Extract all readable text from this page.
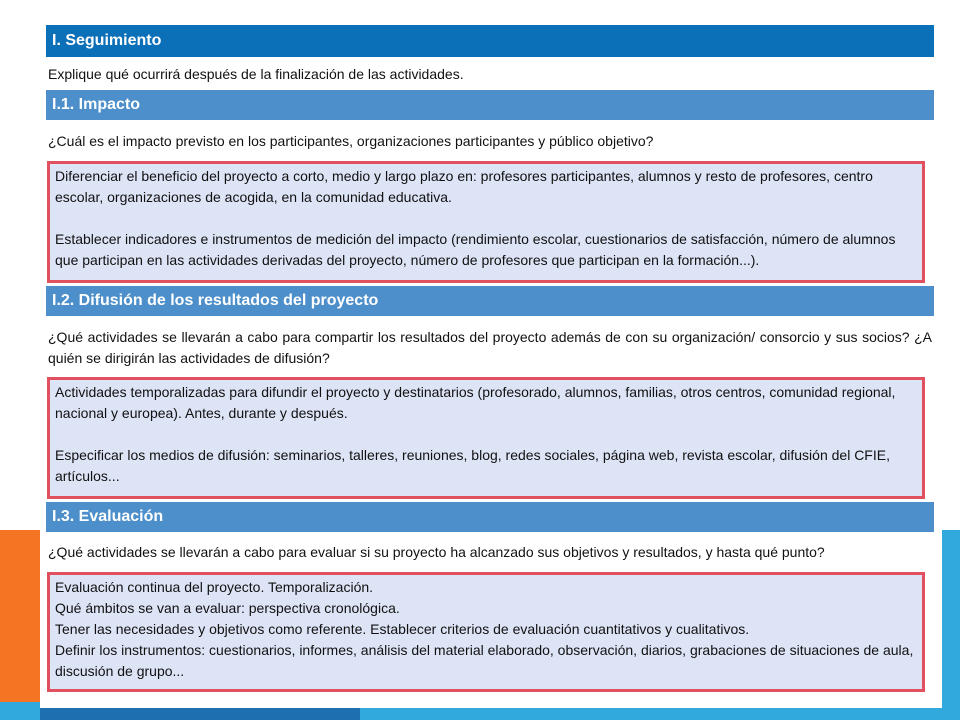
I. Seguimiento
Explique qué ocurrirá después de la finalización de las actividades.
I.1. Impacto
¿Cuál es el impacto previsto en los participantes, organizaciones participantes y público objetivo?

Diferenciar el beneficio del proyecto a corto, medio y largo plazo en: profesores participantes, alumnos y resto de profesores, centro escolar, organizaciones de acogida, en la comunidad educativa.

Establecer indicadores e instrumentos de medición del impacto (rendimiento escolar, cuestionarios de satisfacción, número de alumnos que participan en las actividades derivadas del proyecto, número de profesores que participan en la formación...).

I.2. Difusión de los resultados del proyecto
¿Qué actividades se llevarán a cabo para compartir los resultados del proyecto además de con su organización/ consorcio y sus socios? ¿A quién se dirigirán las actividades de difusión?

Actividades temporalizadas para difundir el proyecto y destinatarios (profesorado, alumnos, familias, otros centros, comunidad regional, nacional y europea). Antes, durante y después.

Especificar los medios de difusión: seminarios, talleres, reuniones, blog, redes sociales, página web, revista escolar, difusión del CFIE, artículos...

I.3. Evaluación
¿Qué actividades se llevarán a cabo para evaluar si su proyecto ha alcanzado sus objetivos y resultados, y hasta qué punto?

Evaluación continua del proyecto. Temporalización.

Qué ámbitos se van a evaluar: perspectiva cronológica.

Tener las necesidades y objetivos como referente. Establecer criterios de evaluación cuantitativos y cualitativos.

Definir los instrumentos: cuestionarios, informes, análisis del material elaborado, observación, diarios, grabaciones de situaciones de aula, discusión de grupo...
